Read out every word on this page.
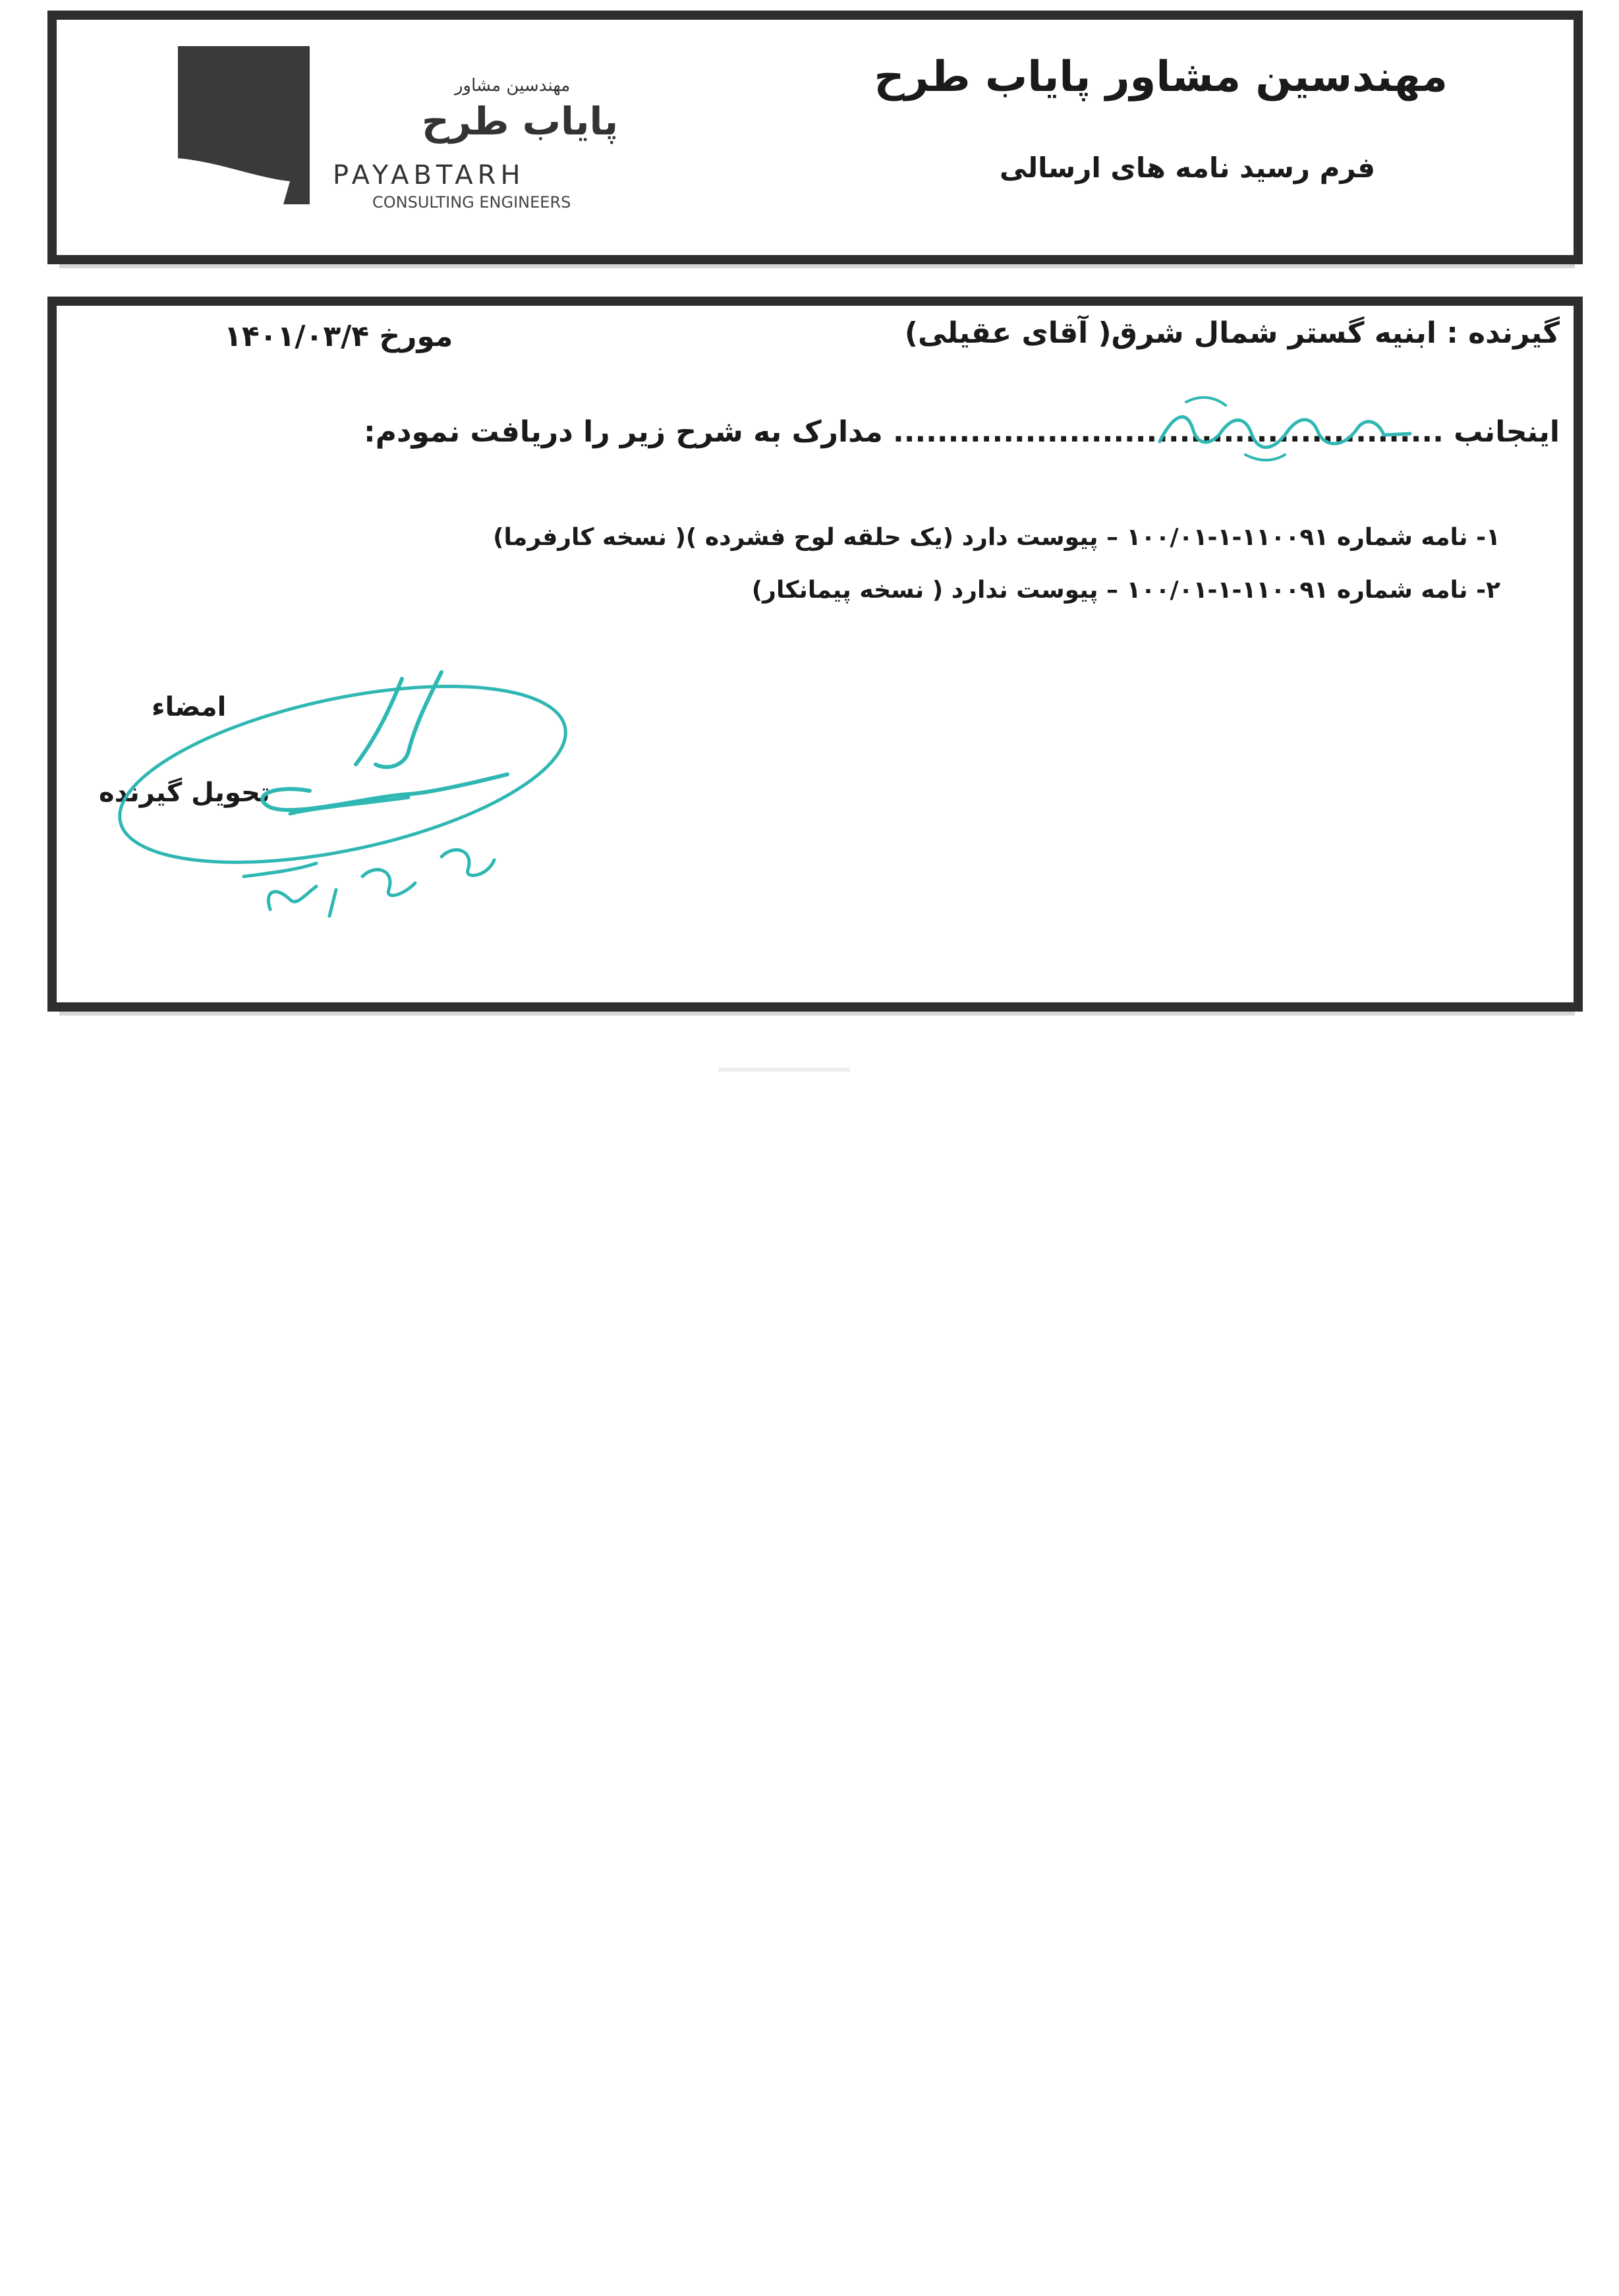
مهندسین مشاور
پایاب طرح
PAYABTARH
CONSULTING ENGINEERS
مهندسین مشاور پایاب طرح
فرم رسید نامه های ارسالی
گیرنده : ابنیه گستر شمال شرق( آقای عقیلی)
مورخ ۱۴۰۱/۰۳/۴
اینجانب .................................................. مدارک به شرح زیر را دریافت نمودم:
۱- نامه شماره ۱۱۰۰۹۱-۱-۱۰۰/۰۱ – پیوست دارد (یک حلقه لوح فشرده )( نسخه کارفرما)
۲- نامه شماره ۱۱۰۰۹۱-۱-۱۰۰/۰۱ – پیوست ندارد ( نسخه پیمانکار)
امضاء
تحویل گیرنده
